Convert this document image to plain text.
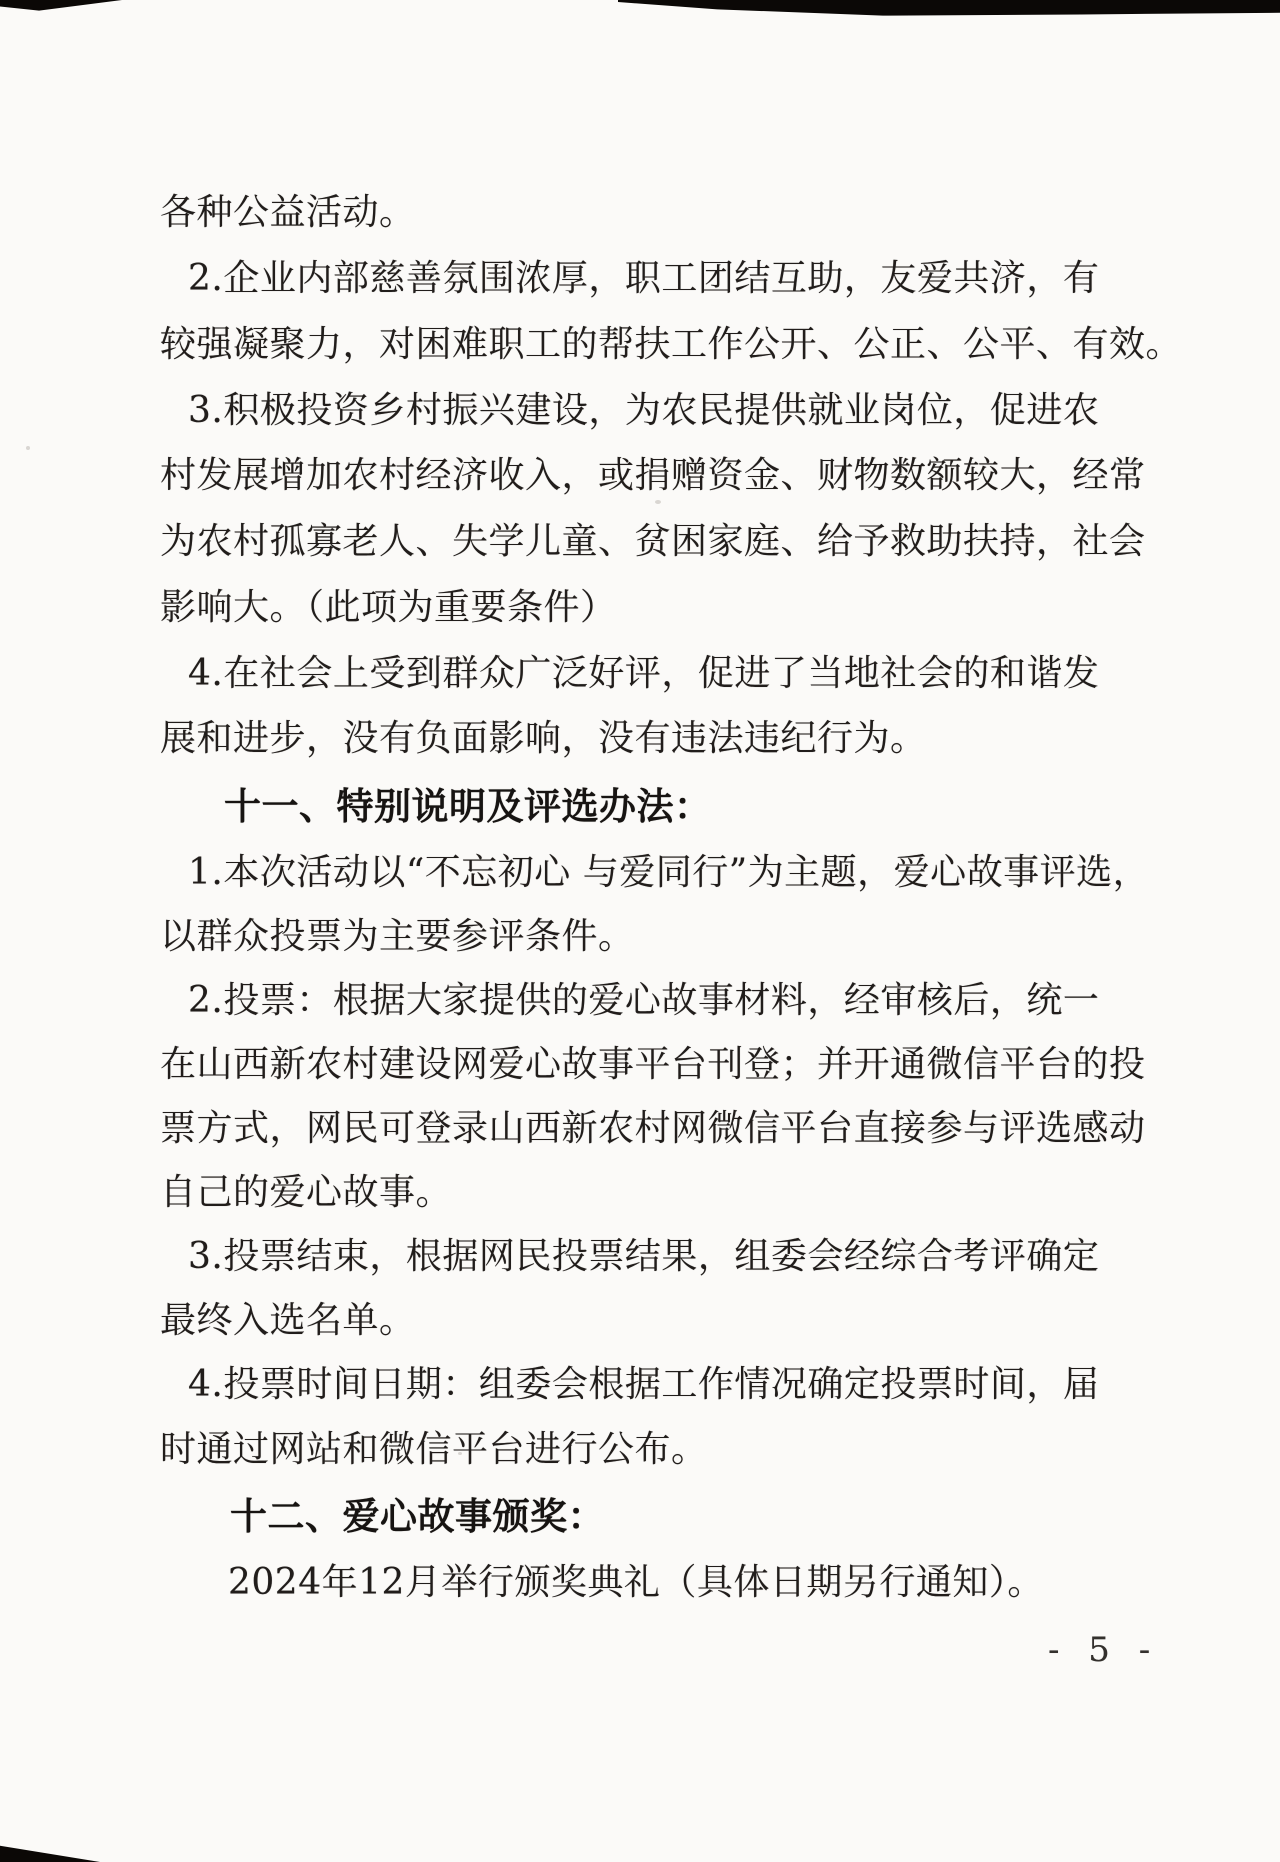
各种公益活动。
2.企业内部慈善氛围浓厚，职工团结互助，友爱共济，有
较强凝聚力，对困难职工的帮扶工作公开、公正、公平、有效。
3.积极投资乡村振兴建设，为农民提供就业岗位，促进农
村发展增加农村经济收入，或捐赠资金、财物数额较大，经常
为农村孤寡老人、失学儿童、贫困家庭、给予救助扶持，社会
影响大。（此项为重要条件）
4.在社会上受到群众广泛好评，促进了当地社会的和谐发
展和进步，没有负面影响，没有违法违纪行为。
十一、特别说明及评选办法：
1.本次活动以“不忘初心 与爱同行”为主题，爱心故事评选，
以群众投票为主要参评条件。
2.投票：根据大家提供的爱心故事材料，经审核后，统一
在山西新农村建设网爱心故事平台刊登；并开通微信平台的投
票方式，网民可登录山西新农村网微信平台直接参与评选感动
自己的爱心故事。
3.投票结束，根据网民投票结果，组委会经综合考评确定
最终入选名单。
4.投票时间日期：组委会根据工作情况确定投票时间，届
时通过网站和微信平台进行公布。
十二、爱心故事颁奖：
2024年12月举行颁奖典礼（具体日期另行通知）。
- 5 -
